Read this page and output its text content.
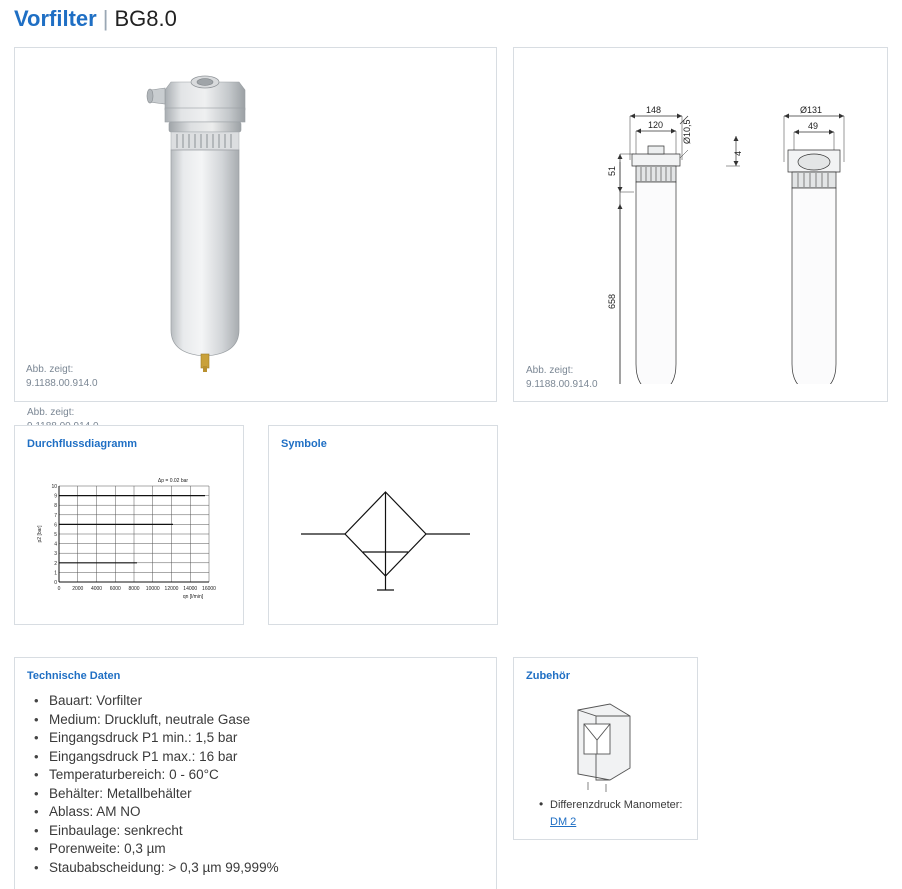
Vorfilter | BG8.0
Abb. zeigt:

Abb. zeigt:
9.1188.00.914.0
148
120 Ø10,5
51
658
4
Ø131
49
Abb. zeigt:
9.1188.00.914.0
Durchflussdiagramm
10
9
8
7
6
5
4
3
2
1
0
0 2000 4000 6000 8000 10000 12000 14000 16000
p2 [bar]
qn [l/min]
Δp = 0.02 bar
Symbole
Technische Daten
• Bauart: Vorfilter
• Medium: Druckluft, neutrale Gase
• Eingangsdruck P1 min.: 1,5 bar
• Eingangsdruck P1 max.: 16 bar
• Temperaturbereich: 0 - 60°C
• Behälter: Metallbehälter
• Ablass: AM NO
• Einbaulage: senkrecht
• Porenweite: 0,3 µm
• Staubabscheidung: > 0,3 µm 99,999%
Zubehör
• Differenzdruck Manometer:
DM 2
